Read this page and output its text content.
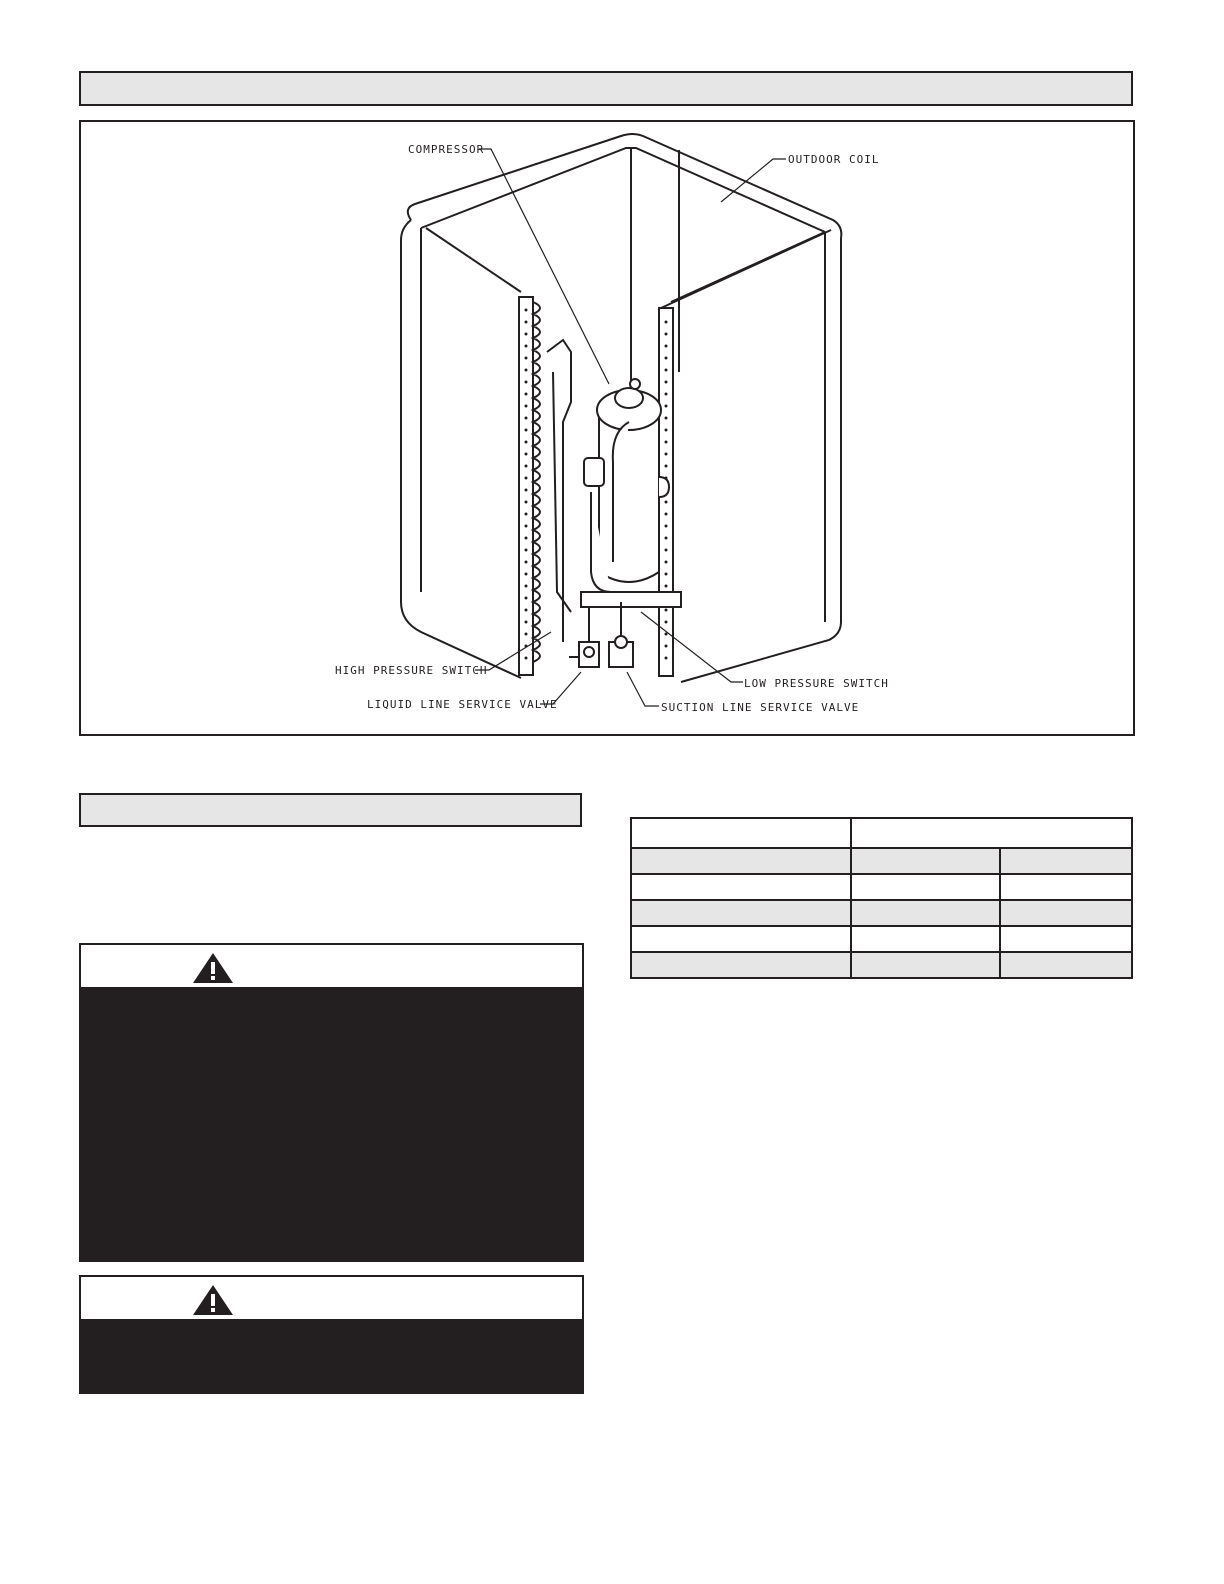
COMPRESSOR
OUTDOOR COIL
HIGH PRESSURE SWITCH
LIQUID LINE SERVICE VALVE
LOW PRESSURE SWITCH
SUCTION LINE SERVICE VALVE
